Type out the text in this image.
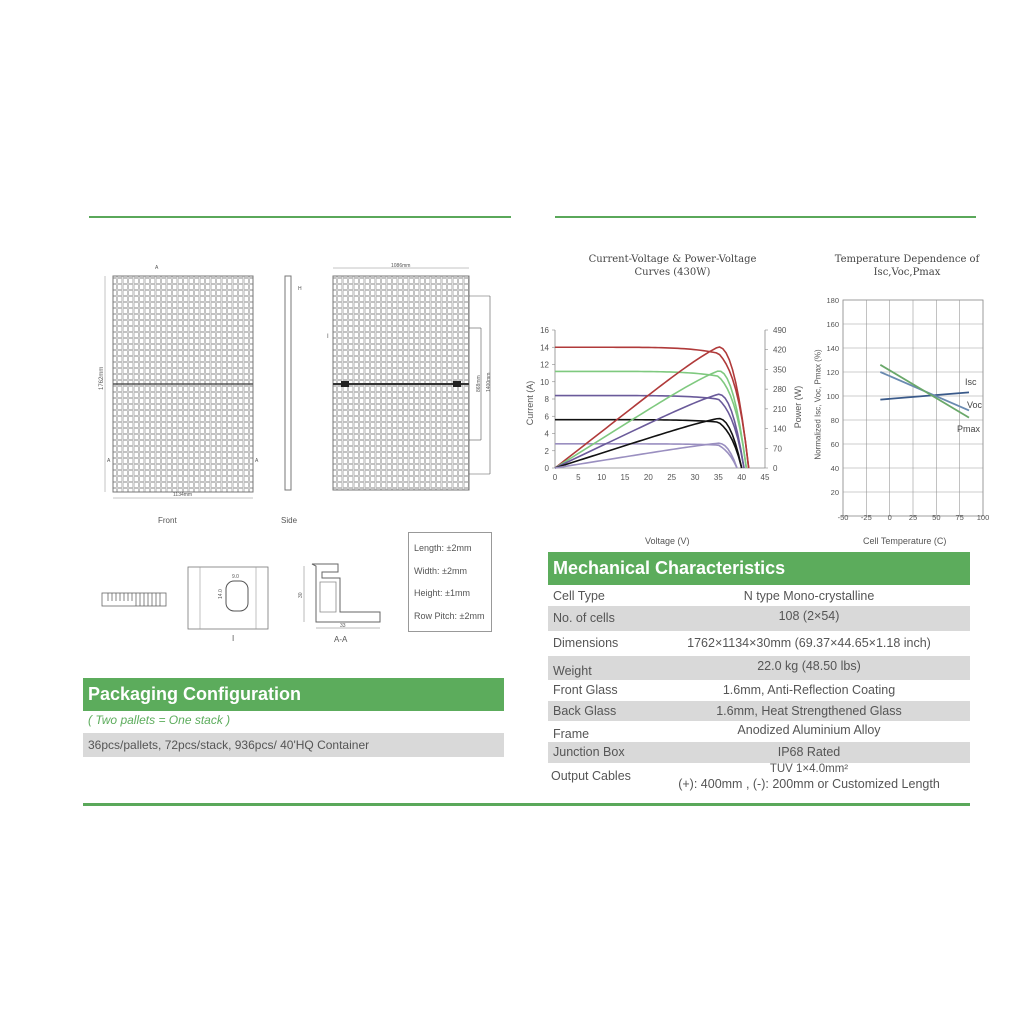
1762mm
1134mm
A
A	A
H
1086mm
868mm 1400mm
I
Front	Side
9.0
14.0
I
30
33
A-A
Length: ±2mm
Width: ±2mm
Height: ±1mm
Row Pitch: ±2mm
Packaging Configuration
( Two pallets = One stack )
36pcs/pallets, 72pcs/stack, 936pcs/ 40'HQ Container
Current-Voltage & Power-Voltage
Curves (430W)
0
2
4
6
8
10
12
14
16
0
70
140
210
280
350
420
490
0 5 10 15 20 25 30 35 40 45
Voltage (V)
Current (A)	Power (W)
Temperature Dependence of
Isc,Voc,Pmax
20
40
60
80
100
120
140
160
180
-50 -25 0 25 50 75 100
Isc
Voc
Pmax
Cell Temperature (C)
Normalized Isc, Voc, Pmax (%)
Mechanical Characteristics
Cell Type	N type Mono-crystalline
No. of cells	108 (2×54)
Dimensions	1762×1134×30mm (69.37×44.65×1.18 inch)
Weight	22.0 kg (48.50 lbs)
Front Glass	1.6mm, Anti-Reflection Coating
Back Glass	1.6mm, Heat Strengthened Glass
Frame	Anodized Aluminium Alloy
Junction Box	IP68 Rated
Output Cables	TUV 1×4.0mm²
(+): 400mm , (-): 200mm or Customized Length
